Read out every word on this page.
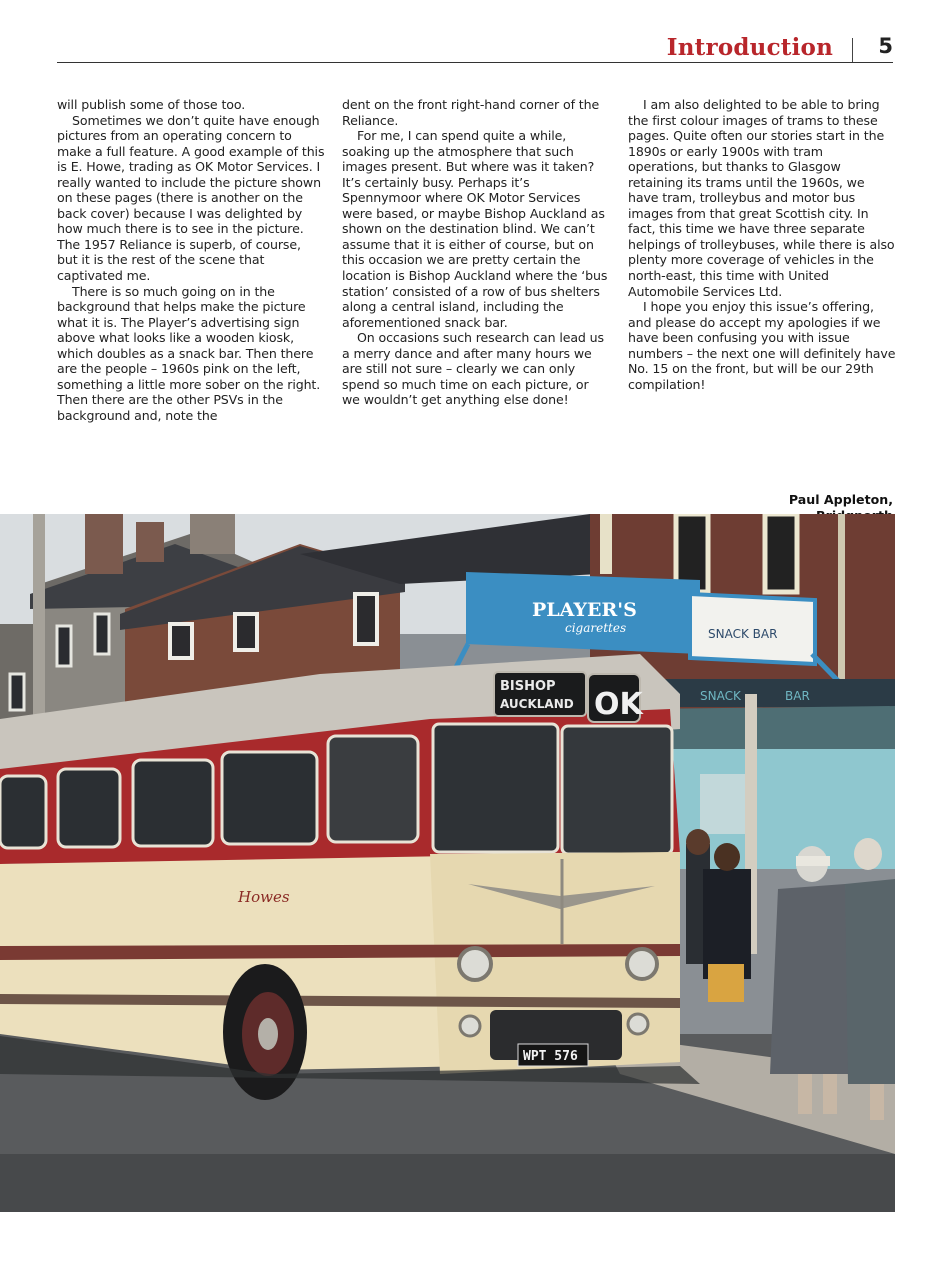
Introduction 5

will publish some of those too.

Sometimes we don’t quite have enough pictures from an operating concern to make a full feature. A good example of this is E. Howe, trading as OK Motor Services. I really wanted to include the picture shown on these pages (there is another on the back cover) because I was delighted by how much there is to see in the picture. The 1957 Reliance is superb, of course, but it is the rest of the scene that captivated me.

There is so much going on in the background that helps make the picture what it is. The Player’s advertising sign above what looks like a wooden kiosk, which doubles as a snack bar. Then there are the people – 1960s pink on the left, something a little more sober on the right. Then there are the other PSVs in the background and, note the

dent on the front right-hand corner of the Reliance.

For me, I can spend quite a while, soaking up the atmosphere that such images present. But where was it taken? It’s certainly busy. Perhaps it’s Spennymoor where OK Motor Services were based, or maybe Bishop Auckland as shown on the destination blind. We can’t assume that it is either of course, but on this occasion we are pretty certain the location is Bishop Auckland where the ‘bus station’ consisted of a row of bus shelters along a central island, including the aforementioned snack bar.

On occasions such research can lead us a merry dance and after many hours we are still not sure – clearly we can only spend so much time on each picture, or we wouldn’t get anything else done!

I am also delighted to be able to bring the first colour images of trams to these pages. Quite often our stories start in the 1890s or early 1900s with tram operations, but thanks to Glasgow retaining its trams until the 1960s, we have tram, trolleybus and motor bus images from that great Scottish city. In fact, this time we have three separate helpings of trolleybuses, while there is also plenty more coverage of vehicles in the north-east, this time with United Automobile Services Ltd.

I hope you enjoy this issue’s offering, and please do accept my apologies if we have been confusing you with issue numbers – the next one will definitely have No. 15 on the front, but will be our 29th compilation!

Paul Appleton,
PLAYER'S
cigarettes	SNACK BAR
SNACK	BAR
BISHOP
AUCKLAND OK
Howes
WPT 576
